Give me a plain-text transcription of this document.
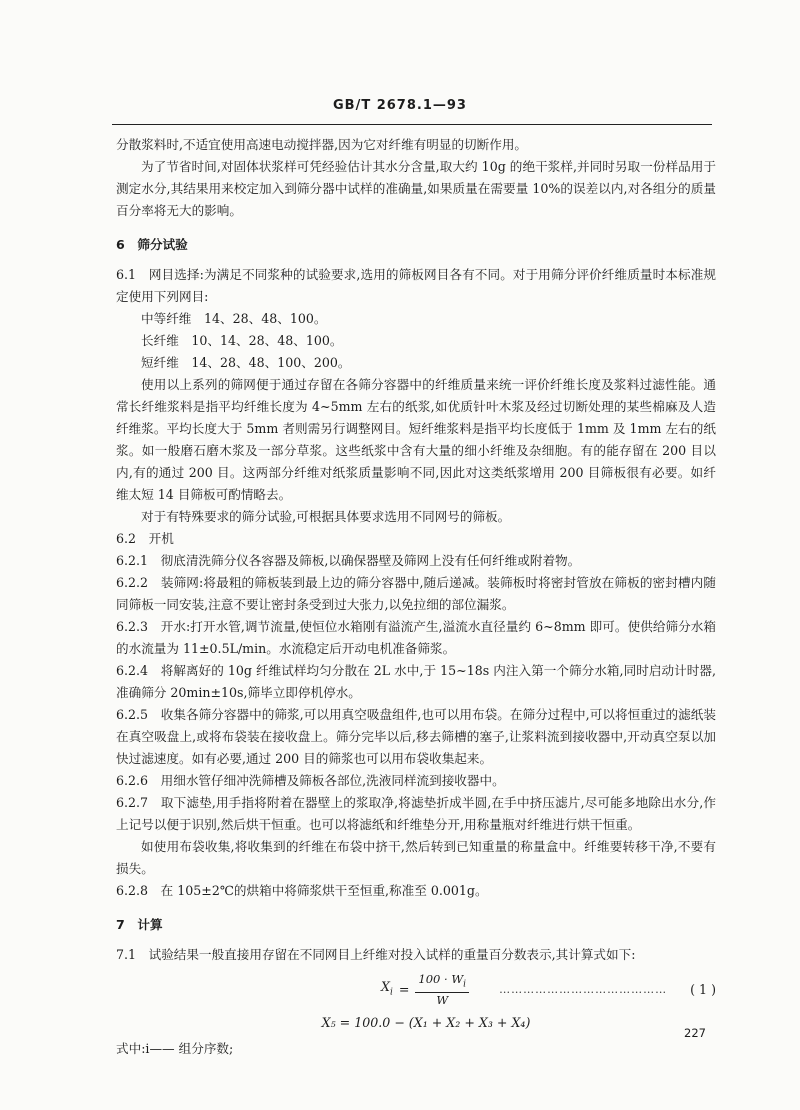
GB/T 2678.1—93

分散浆料时,不适宜使用高速电动搅拌器,因为它对纤维有明显的切断作用。

为了节省时间,对固体状浆样可凭经验估计其水分含量,取大约 10g 的绝干浆样,并同时另取一份样品用于测定水分,其结果用来校定加入到筛分器中试样的准确量,如果质量在需要量 10%的误差以内,对各组分的质量百分率将无大的影响。

6　筛分试验

6.1　网目选择:为满足不同浆种的试验要求,选用的筛板网目各有不同。对于用筛分评价纤维质量时本标准规定使用下列网目:

中等纤维　14、28、48、100。

长纤维　10、14、28、48、100。

短纤维　14、28、48、100、200。

使用以上系列的筛网便于通过存留在各筛分容器中的纤维质量来统一评价纤维长度及浆料过滤性能。通常长纤维浆料是指平均纤维长度为 4~5mm 左右的纸浆,如优质针叶木浆及经过切断处理的某些棉麻及人造纤维浆。平均长度大于 5mm 者则需另行调整网目。短纤维浆料是指平均长度低于 1mm 及 1mm 左右的纸浆。如一般磨石磨木浆及一部分草浆。这些纸浆中含有大量的细小纤维及杂细胞。有的能存留在 200 目以内,有的通过 200 目。这两部分纤维对纸浆质量影响不同,因此对这类纸浆增用 200 目筛板很有必要。如纤维太短 14 目筛板可酌情略去。

对于有特殊要求的筛分试验,可根据具体要求选用不同网号的筛板。

6.2　开机

6.2.1　彻底清洗筛分仪各容器及筛板,以确保器壁及筛网上没有任何纤维或附着物。

6.2.2　装筛网:将最粗的筛板装到最上边的筛分容器中,随后递减。装筛板时将密封管放在筛板的密封槽内随同筛板一同安装,注意不要让密封条受到过大张力,以免拉细的部位漏浆。

6.2.3　开水:打开水管,调节流量,使恒位水箱刚有溢流产生,溢流水直径量约 6~8mm 即可。使供给筛分水箱的水流量为 11±0.5L/min。水流稳定后开动电机准备筛浆。

6.2.4　将解离好的 10g 纤维试样均匀分散在 2L 水中,于 15~18s 内注入第一个筛分水箱,同时启动计时器,准确筛分 20min±10s,筛毕立即停机停水。

6.2.5　收集各筛分容器中的筛浆,可以用真空吸盘组件,也可以用布袋。在筛分过程中,可以将恒重过的滤纸装在真空吸盘上,或将布袋装在接收盘上。筛分完毕以后,移去筛槽的塞子,让浆料流到接收器中,开动真空泵以加快过滤速度。如有必要,通过 200 目的筛浆也可以用布袋收集起来。

6.2.6　用细水管仔细冲洗筛槽及筛板各部位,洗液同样流到接收器中。

6.2.7　取下滤垫,用手指将附着在器壁上的浆取净,将滤垫折成半圆,在手中挤压滤片,尽可能多地除出水分,作上记号以便于识别,然后烘干恒重。也可以将滤纸和纤维垫分开,用称量瓶对纤维进行烘干恒重。

如使用布袋收集,将收集到的纤维在布袋中挤干,然后转到已知重量的称量盒中。纤维要转移干净,不要有损失。

6.2.8　在 105±2℃的烘箱中将筛浆烘干至恒重,称准至 0.001g。

7　计算

7.1　试验结果一般直接用存留在不同网目上纤维对投入试样的重量百分数表示,其计算式如下:

$X_i = \frac{100 \cdot W_i}{W}$	……………………………………	( 1 )

X₅ = 100.0 − (X₁ + X₂ + X₃ + X₄)

式中:i—— 组分序数;

227
